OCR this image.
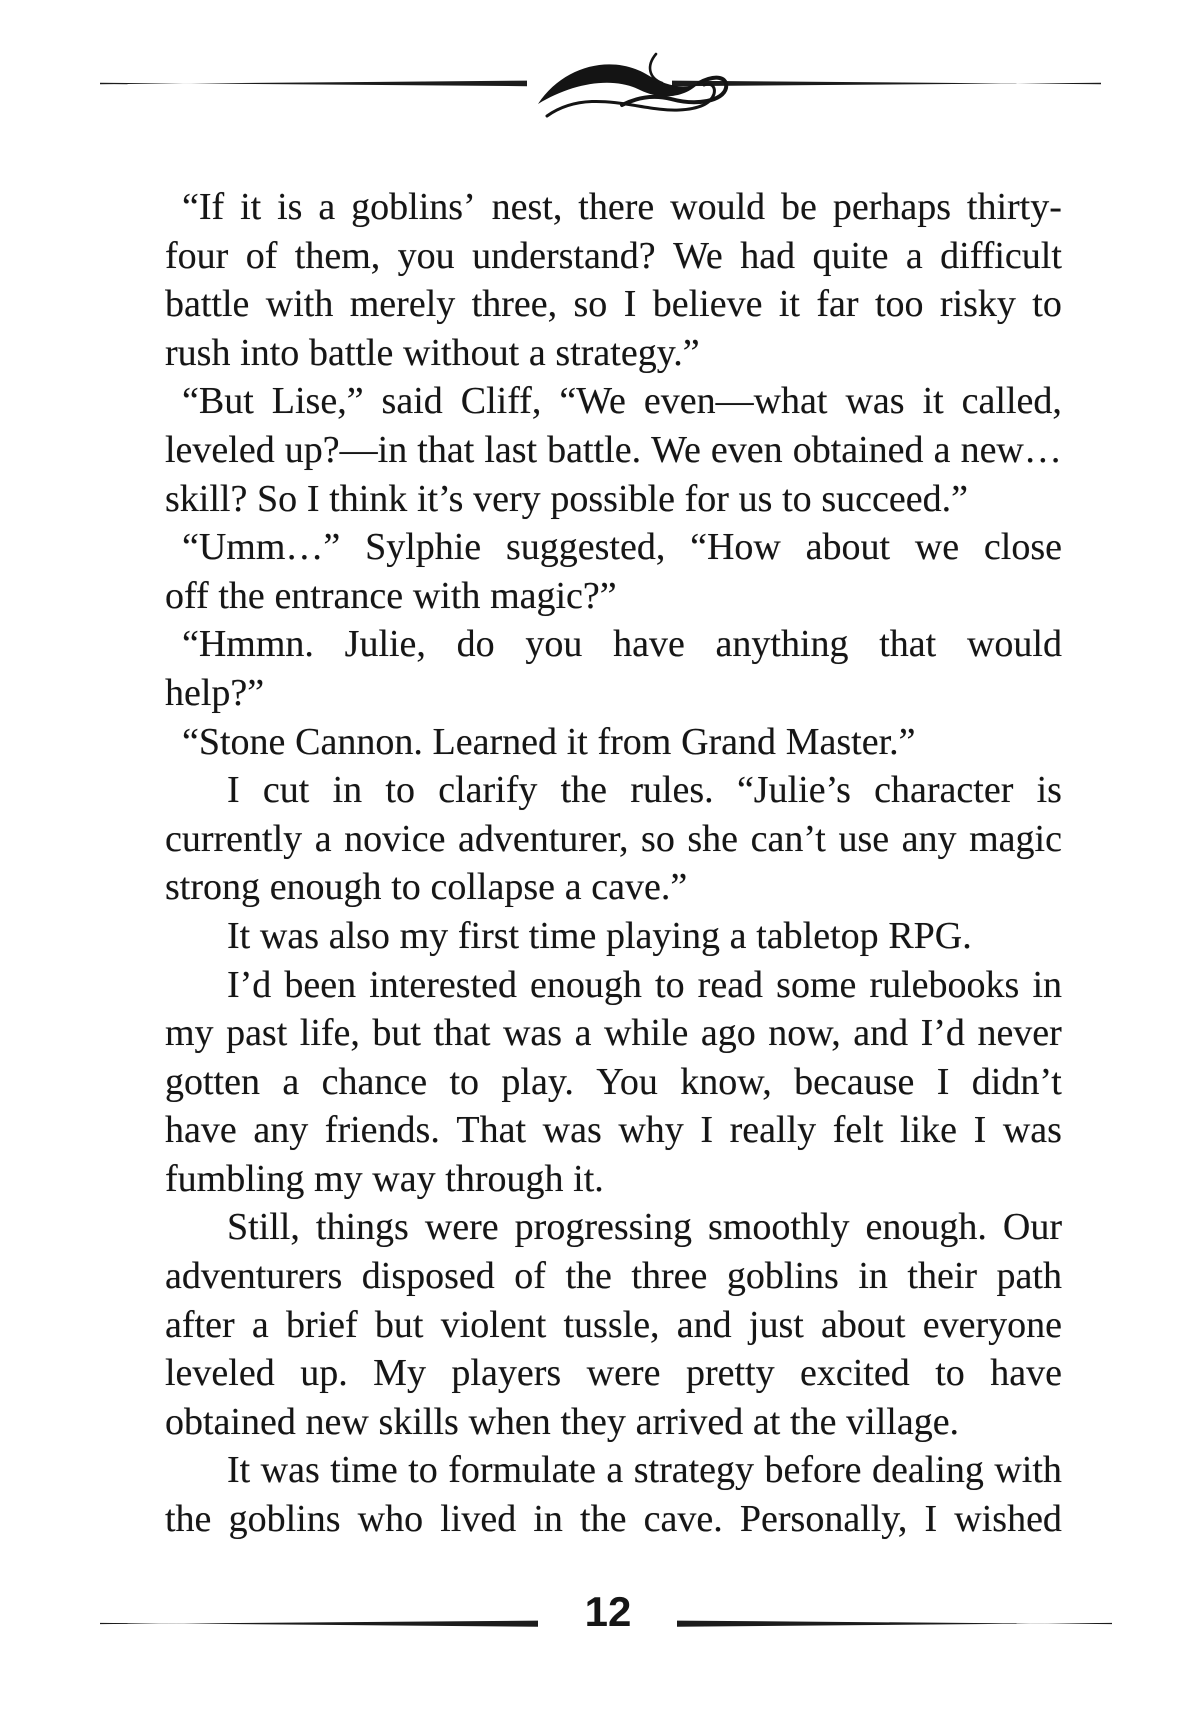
“If it is a goblins’ nest, there would be perhaps thirty-
four of them, you understand? We had quite a difficult
battle with merely three, so I believe it far too risky to
rush into battle without a strategy.”
“But Lise,” said Cliff, “We even—what was it called,
leveled up?—in that last battle. We even obtained a new…
skill? So I think it’s very possible for us to succeed.”
“Umm…” Sylphie suggested, “How about we close
off the entrance with magic?”
“Hmmn. Julie, do you have anything that would
help?”
“Stone Cannon. Learned it from Grand Master.”
I cut in to clarify the rules. “Julie’s character is
currently a novice adventurer, so she can’t use any magic
strong enough to collapse a cave.”
It was also my first time playing a tabletop RPG.
I’d been interested enough to read some rulebooks in
my past life, but that was a while ago now, and I’d never
gotten a chance to play. You know, because I didn’t
have any friends. That was why I really felt like I was
fumbling my way through it.
Still, things were progressing smoothly enough. Our
adventurers disposed of the three goblins in their path
after a brief but violent tussle, and just about everyone
leveled up. My players were pretty excited to have
obtained new skills when they arrived at the village.
It was time to formulate a strategy before dealing with
the goblins who lived in the cave. Personally, I wished
12
